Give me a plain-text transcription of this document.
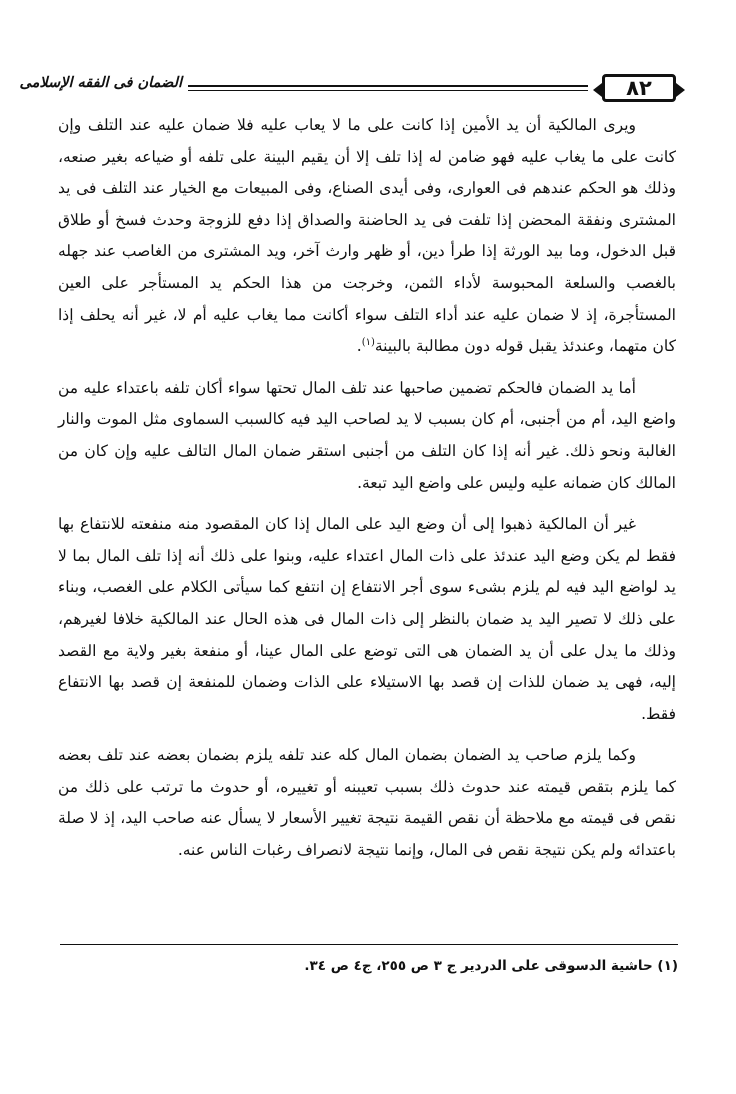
٨٢
الضمان فى الفقه الإسلامى

ويرى المالكية أن يد الأمين إذا كانت على ما لا يعاب عليه فلا ضمان عليه عند التلف وإن كانت على ما يغاب عليه فهو ضامن له إذا تلف إلا أن يقيم البينة على تلفه أو ضياعه بغير صنعه، وذلك هو الحكم عندهم فى العوارى، وفى أيدى الصناع، وفى المبيعات مع الخيار عند التلف فى يد المشترى ونفقة المحضن إذا تلفت فى يد الحاضنة والصداق إذا دفع للزوجة وحدث فسخ أو طلاق قبل الدخول، وما بيد الورثة إذا طرأ دين، أو ظهر وارث آخر، ويد المشترى من الغاصب عند جهله بالغصب والسلعة المحبوسة لأداء الثمن، وخرجت من هذا الحكم يد المستأجر على العين المستأجرة، إذ لا ضمان عليه عند أداء التلف سواء أكانت مما يغاب عليه أم لا، غير أنه يحلف إذا كان متهما، وعندئذ يقبل قوله دون مطالبة بالبينة$^{(١)}$.

أما يد الضمان فالحكم تضمين صاحبها عند تلف المال تحتها سواء أكان تلفه باعتداء عليه من واضع اليد، أم من أجنبى، أم كان بسبب لا يد لصاحب اليد فيه كالسبب السماوى مثل الموت والنار الغالبة ونحو ذلك. غير أنه إذا كان التلف من أجنبى استقر ضمان المال التالف عليه وإن كان من المالك كان ضمانه عليه وليس على واضع اليد تبعة.

غير أن المالكية ذهبوا إلى أن وضع اليد على المال إذا كان المقصود منه منفعته للانتفاع بها فقط لم يكن وضع اليد عندئذ على ذات المال اعتداء عليه، وبنوا على ذلك أنه إذا تلف المال بما لا يد لواضع اليد فيه لم يلزم بشىء سوى أجر الانتفاع إن انتفع كما سيأتى الكلام على الغصب، وبناء على ذلك لا تصير اليد يد ضمان بالنظر إلى ذات المال فى هذه الحال عند المالكية خلافا لغيرهم، وذلك ما يدل على أن يد الضمان هى التى توضع على المال عينا، أو منفعة بغير ولاية مع القصد إليه، فهى يد ضمان للذات إن قصد بها الاستيلاء على الذات وضمان للمنفعة إن قصد بها الانتفاع فقط.

وكما يلزم صاحب يد الضمان بضمان المال كله عند تلفه يلزم بضمان بعضه عند تلف بعضه كما يلزم بتقص قيمته عند حدوث ذلك بسبب تعيبنه أو تغييره، أو حدوث ما ترتب على ذلك من نقص فى قيمته مع ملاحظة أن نقص القيمة نتيجة تغيير الأسعار لا يسأل عنه صاحب اليد، إذ لا صلة باعتدائه ولم يكن نتيجة نقص فى المال، وإنما نتيجة لانصراف رغبات الناس عنه.

(١) حاشية الدسوقى على الدردير ج ٣ ص ٢٥٥، ج٤ ص ٣٤.
